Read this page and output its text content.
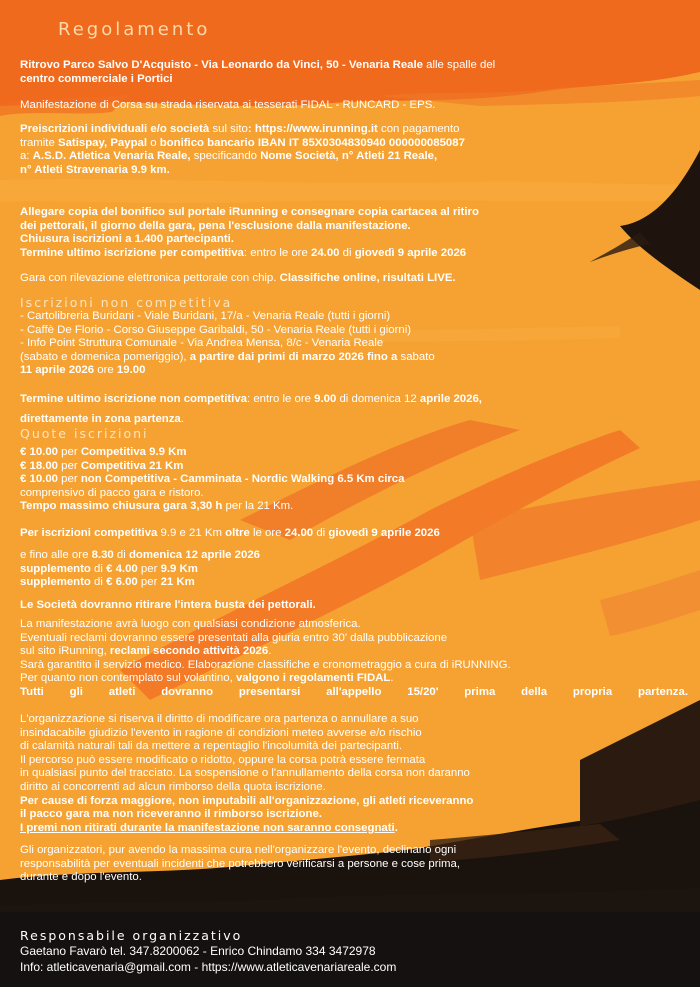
Regolamento
Ritrovo Parco Salvo D'Acquisto - Via Leonardo da Vinci, 50 - Venaria Reale alle spalle del
centro commerciale i Portici
Manifestazione di Corsa su strada riservata ai tesserati FIDAL - RUNCARD - EPS.
Preiscrizioni individuali e/o società sul sito: https://www.irunning.it con pagamento
tramite Satispay, Paypal o bonifico bancario IBAN IT 85X0304830940 000000085087
a: A.S.D. Atletica Venaria Reale, specificando Nome Società, n° Atleti 21 Reale,
n° Atleti Stravenaria 9.9 km.
Allegare copia del bonifico sul portale iRunning e consegnare copia cartacea al ritiro
dei pettorali, il giorno della gara, pena l'esclusione dalla manifestazione.
Chiusura iscrizioni a 1.400 partecipanti.
Termine ultimo iscrizione per competitiva: entro le ore 24.00 di giovedì 9 aprile 2026
Gara con rilevazione elettronica pettorale con chip. Classifiche online, risultati LIVE.
Iscrizioni non competitiva
- Cartolibreria Buridani - Viale Buridani, 17/a - Venaria Reale (tutti i giorni)
- Caffè De Florio - Corso Giuseppe Garibaldi, 50 - Venaria Reale (tutti i giorni)
- Info Point Struttura Comunale - Via Andrea Mensa, 8/c - Venaria Reale
(sabato e domenica pomeriggio), a partire dai primi di marzo 2026 fino a sabato
11 aprile 2026 ore 19.00
Termine ultimo iscrizione non competitiva: entro le ore 9.00 di domenica 12 aprile 2026,
direttamente in zona partenza.
Quote iscrizioni
€ 10.00 per Competitiva 9.9 Km
€ 18.00 per Competitiva 21 Km
€ 10.00 per non Competitiva - Camminata - Nordic Walking 6.5 Km circa
comprensivo di pacco gara e ristoro.
Tempo massimo chiusura gara 3,30 h per la 21 Km.
Per iscrizioni competitiva 9.9 e 21 Km oltre le ore 24.00 di giovedì 9 aprile 2026
e fino alle ore 8.30 di domenica 12 aprile 2026
supplemento di € 4.00 per 9.9 Km
supplemento di € 6.00 per 21 Km
Le Società dovranno ritirare l'intera busta dei pettorali.
La manifestazione avrà luogo con qualsiasi condizione atmosferica.
Eventuali reclami dovranno essere presentati alla giuria entro 30' dalla pubblicazione
sul sito iRunning, reclami secondo attività 2026.
Sarà garantito il servizio medico. Elaborazione classifiche e cronometraggio a cura di iRUNNING.
Per quanto non contemplato sul volantino, valgono i regolamenti FIDAL.
Tutti gli atleti dovranno presentarsi all'appello 15/20' prima della propria partenza.
L'organizzazione si riserva il diritto di modificare ora partenza o annullare a suo
insindacabile giudizio l'evento in ragione di condizioni meteo avverse e/o rischio
di calamità naturali tali da mettere a repentaglio l'incolumità dei partecipanti.
Il percorso può essere modificato o ridotto, oppure la corsa potrà essere fermata
in qualsiasi punto del tracciato. La sospensione o l'annullamento della corsa non daranno
diritto ai concorrenti ad alcun rimborso della quota iscrizione.
Per cause di forza maggiore, non imputabili all'organizzazione, gli atleti riceveranno
il pacco gara ma non riceveranno il rimborso iscrizione.
I premi non ritirati durante la manifestazione non saranno consegnati.
Gli organizzatori, pur avendo la massima cura nell'organizzare l'evento, declinano ogni
responsabilità per eventuali incidenti che potrebbero verificarsi a persone e cose prima,
durante e dopo l'evento.
Responsabile organizzativo
Gaetano Favarò tel. 347.8200062 - Enrico Chindamo 334 3472978
Info: atleticavenaria@gmail.com - https://www.atleticavenariareale.com
